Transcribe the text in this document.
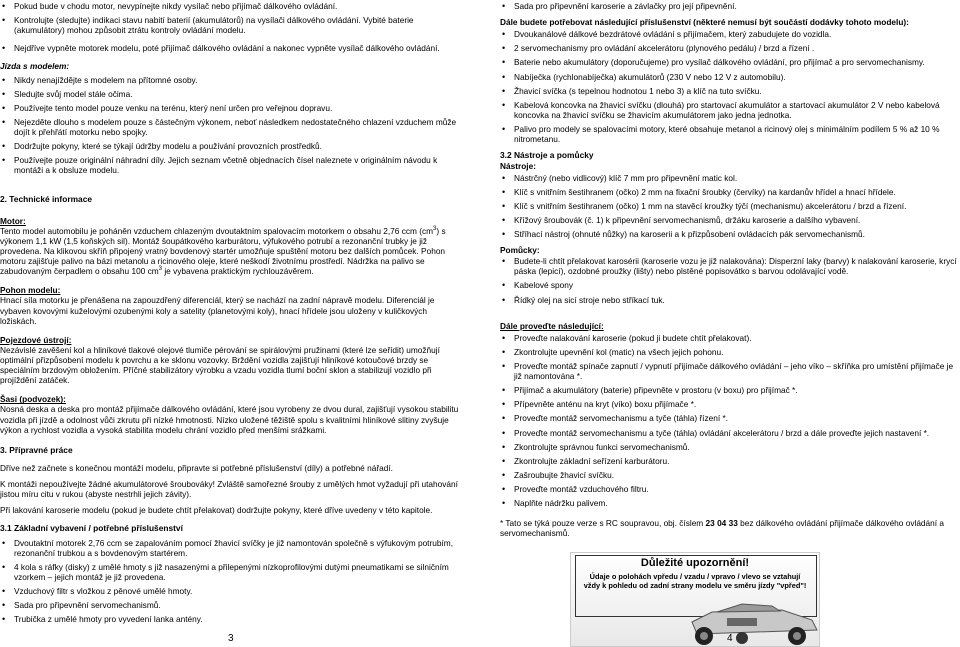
• Pokud bude v chodu motor, nevypínejte nikdy vysílač nebo přijímač dálkového ovládání.
• Kontrolujte (sledujte) indikaci stavu nabití baterií (akumulátorů) na vysílači dálkového ovládání. Vybité baterie (akumulátory) mohou způsobit ztrátu kontroly ovládání modelu.
• Nejdříve vypněte motorek modelu, poté přijímač dálkového ovládání a nakonec vypněte vysílač dálkového ovládání.
Jízda s modelem:
• Nikdy nenajíždějte s modelem na přítomné osoby.
• Sledujte svůj model stále očima.
• Používejte tento model pouze venku na terénu, který není určen pro veřejnou dopravu.
• Nejezděte dlouho s modelem pouze s částečným výkonem, neboť následkem nedostatečného chlazení vzduchem může dojít k přehřátí motorku nebo spojky.
• Dodržujte pokyny, které se týkají údržby modelu a používání provozních prostředků.
• Používejte pouze originální náhradní díly. Jejich seznam včetně objednacích čísel naleznete v originálním návodu k montáži a k obsluze modelu.
2. Technické informace
Motor:

Tento model automobilu je poháněn vzduchem chlazeným dvoutaktním spalovacím motorkem o obsahu 2,76 ccm $(cm^3)$ s výkonem 1,1 kW (1,5 koňských sil). Montáž šoupátkového karburátoru, výfukového potrubí a rezonanční trubky je již provedena. Na klikovou skříň připojený vratný bovdenový startér umožňuje spuštění motoru bez dalších pomůcek. Pohon motoru zajišťuje palivo na bázi metanolu a ricinového oleje, které neškodí životnímu prostředí. Nádržka na palivo se zabudovaným čerpadlem o obsahu 100 $cm^3$ je vybavena praktickým rychlouzávěrem.

Pohon modelu:

Hnací síla motorku je přenášena na zapouzdřený diferenciál, který se nachází na zadní nápravě modelu. Diferenciál je vybaven kovovými kuželovými ozubenými koly a satelity (planetovými koly), hnací hřídele jsou uloženy v kuličkových ložiskách.

Pojezdové ústrojí:

Nezávislé zavěšení kol a hliníkové tlakové olejové tlumiče pérování se spirálovými pružinami (které lze seřídit) umožňují optimální přizpůsobení modelu k povrchu a ke sklonu vozovky. Brždění vozidla zajišťují hliníkové kotoučové brzdy se speciálním brzdovým obložením. Příčné stabilizátory výrobku a vzadu vozidla tlumí boční sklon a stabilizují vozidlo při projíždění zatáček.

Šasi (podvozek):

Nosná deska a deska pro montáž přijímače dálkového ovládání, které jsou vyrobeny ze dvou dural, zajišťují vysokou stabilitu vozidla při jízdě a odolnost vůči zkrutu při nízké hmotnosti. Nízko uložené těžiště spolu s kvalitními hliníkové slitiny zvyšuje výkon a rychlost vozidla a vysoká stabilita modelu chrání vozidlo před menšími srážkami.

3. Přípravné práce

Dříve než začnete s konečnou montáží modelu, připravte si potřebné příslušenství (díly) a potřebné nářadí.

K montáži nepoužívejte žádné akumulátorové šroubováky! Zvláště samořezné šrouby z umělých hmot vyžadují při utahování jistou míru citu v rukou (abyste nestrhli jejich závity).

Při lakování karoserie modelu (pokud je budete chtít přelakovat) dodržujte pokyny, které dříve uvedeny v této kapitole.

3.1 Základní vybavení / potřebné příslušenství
• Dvoutaktní motorek 2,76 ccm se zapalováním pomocí žhavicí svíčky je již namontován společně s výfukovým potrubím, rezonanční trubkou a s bovdenovým startérem.
• 4 kola s ráfky (disky) z umělé hmoty s již nasazenými a přilepenými nízkoprofilovými dutými pneumatikami se silničním vzorkem – jejich montáž je již provedena.
• Vzduchový filtr s vložkou z pěnové umělé hmoty.
• Sada pro připevnění servomechanismů.
• Trubička z umělé hmoty pro vyvedení lanka antény.
3
• Sada pro připevnění karoserie a závlačky pro její připevnění.

Dále budete potřebovat následující příslušenství (některé nemusí být součástí dodávky tohoto modelu):

• Dvoukanálové dálkové bezdrátové ovládání s přijímačem, který zabudujete do vozidla.
• 2 servomechanismy pro ovládání akcelerátoru (plynového pedálu) / brzd a řízení .
• Baterie nebo akumulátory (doporučujeme) pro vysílač dálkového ovládání, pro přijímač a pro servomechanismy.
• Nabíječka (rychlonabíječka) akumulátorů (230 V nebo 12 V z automobilu).
• Žhavicí svíčka (s tepelnou hodnotou 1 nebo 3) a klíč na tuto svíčku.
• Kabelová koncovka na žhavicí svíčku (dlouhá) pro startovací akumulátor a startovací akumulátor 2 V nebo kabelová koncovka na žhavicí svíčku se žhavicím akumulátorem jako jedna jednotka.
• Palivo pro modely se spalovacími motory, které obsahuje metanol a ricinový olej s minimálním podílem 5 % až 10 % nitrometanu.
3.2 Nástroje a pomůcky
Nástroje:
• Nástrčný (nebo vidlicový) klíč 7 mm pro připevnění matic kol.
• Klíč s vnitřním šestihranem (očko) 2 mm na fixační šroubky (červíky) na kardanův hřídel a hnací hřídele.
• Klíč s vnitřním šestihranem (očko) 1 mm na stavěcí kroužky týčí (mechanismu) akcelerátoru / brzd a řízení.
• Křížový šroubovák (č. 1) k připevnění servomechanismů, držáku karoserie a dalšího vybavení.
• Stříhací nástroj (ohnuté nůžky) na karoserii a k přizpůsobení ovládacích pák servomechanismů.
Pomůcky:
• Budete-li chtít přelakovat karosérii (karoserie vozu je již nalakována): Disperzní laky (barvy) k nalakování karoserie, krycí páska (lepicí), ozdobné proužky (lišty) nebo plstěné popisovátko s barvou odolávající vodě.
• Kabelové spony
• Řídký olej na sicí stroje nebo stříkací tuk.
Dále proveďte následující:
• Proveďte nalakování karoserie (pokud ji budete chtít přelakovat).
• Zkontrolujte upevnění kol (matic) na všech jejich pohonu.
• Proveďte montáž spínače zapnutí / vypnutí přijímače dálkového ovládání – jeho víko – skříňka pro umístění přijímače je již namontována *.
• Přijímač a akumulátory (baterie) připevněte v prostoru (v boxu) pro přijímač *.
• Přípevněte anténu na kryt (víko) boxu přijímače *.
• Proveďte montáž servomechanismu a tyče (táhla) řízení *.
• Proveďte montáž servomechanismu a tyče (táhla) ovládání akcelerátoru / brzd a dále proveďte jejich nastavení *.
• Zkontrolujte správnou funkci servomechanismů.
• Zkontrolujte základní seřízení karburátoru.
• Zašroubujte žhavicí svíčku.
• Proveďte montáž vzduchového filtru.
• Naplňte nádržku palivem.

* Tato se týká pouze verze s RC soupravou, obj. číslem 23 04 33 bez dálkového ovládání přijímače dálkového ovládání a servomechanismů.

Důležité upozornění!
Údaje o polohách vpředu / vzadu / vpravo / vlevo se vztahují vždy k pohledu od zadní strany modelu ve směru jízdy "vpřed"!
4
